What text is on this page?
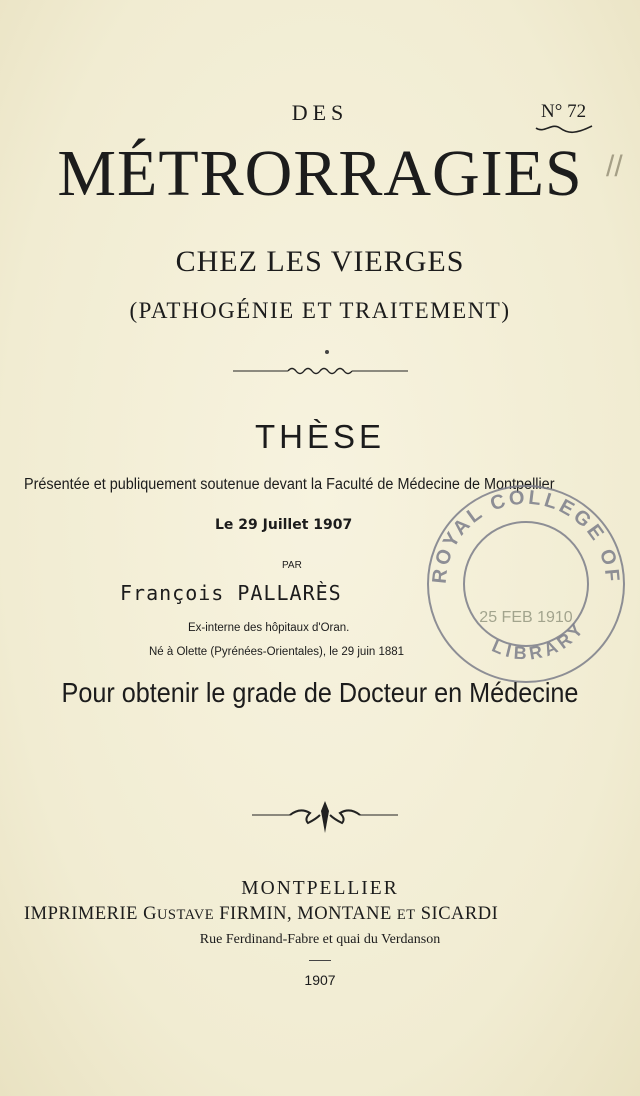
DES	N° 72
MÉTRORRAGIES //
CHEZ LES VIERGES
(PATHOGÉNIE ET TRAITEMENT)
THÈSE
Présentée et publiquement soutenue devant la Faculté de Médecine de Montpellier
Le 29 Juillet 1907
PAR
François PALLARÈS
Ex-interne des hôpitaux d'Oran.
Né à Olette (Pyrénées-Orientales), le 29 juin 1881
ROYAL COLLEGE OF
LIBRARY
25 FEB 1910
Pour obtenir le grade de Docteur en Médecine
MONTPELLIER
IMPRIMERIE GUSTAVE FIRMIN, MONTANE ET SICARDI
Rue Ferdinand-Fabre et quai du Verdanson
1907
